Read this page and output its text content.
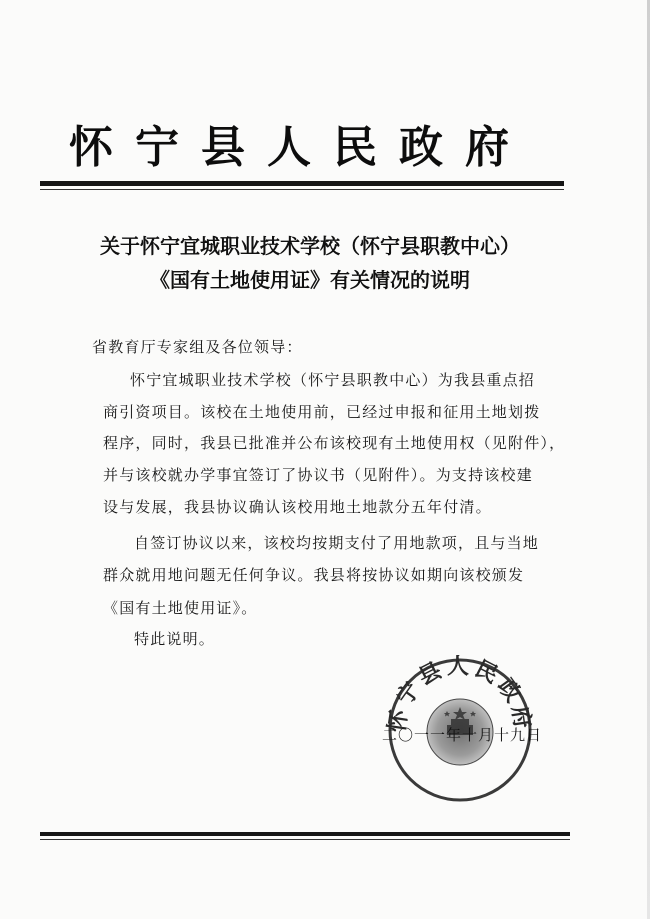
怀宁县人民政府
关于怀宁宜城职业技术学校（怀宁县职教中心）
《国有土地使用证》有关情况的说明
省教育厅专家组及各位领导：
怀宁宜城职业技术学校（怀宁县职教中心）为我县重点招
商引资项目。该校在土地使用前，已经过申报和征用土地划拨
程序，同时，我县已批准并公布该校现有土地使用权（见附件），
并与该校就办学事宜签订了协议书（见附件）。为支持该校建
设与发展，我县协议确认该校用地土地款分五年付清。
自签订协议以来，该校均按期支付了用地款项，且与当地
群众就用地问题无任何争议。我县将按协议如期向该校颁发
《国有土地使用证》。
特此说明。
怀宁县人民政府
二〇一一年十月十九日
